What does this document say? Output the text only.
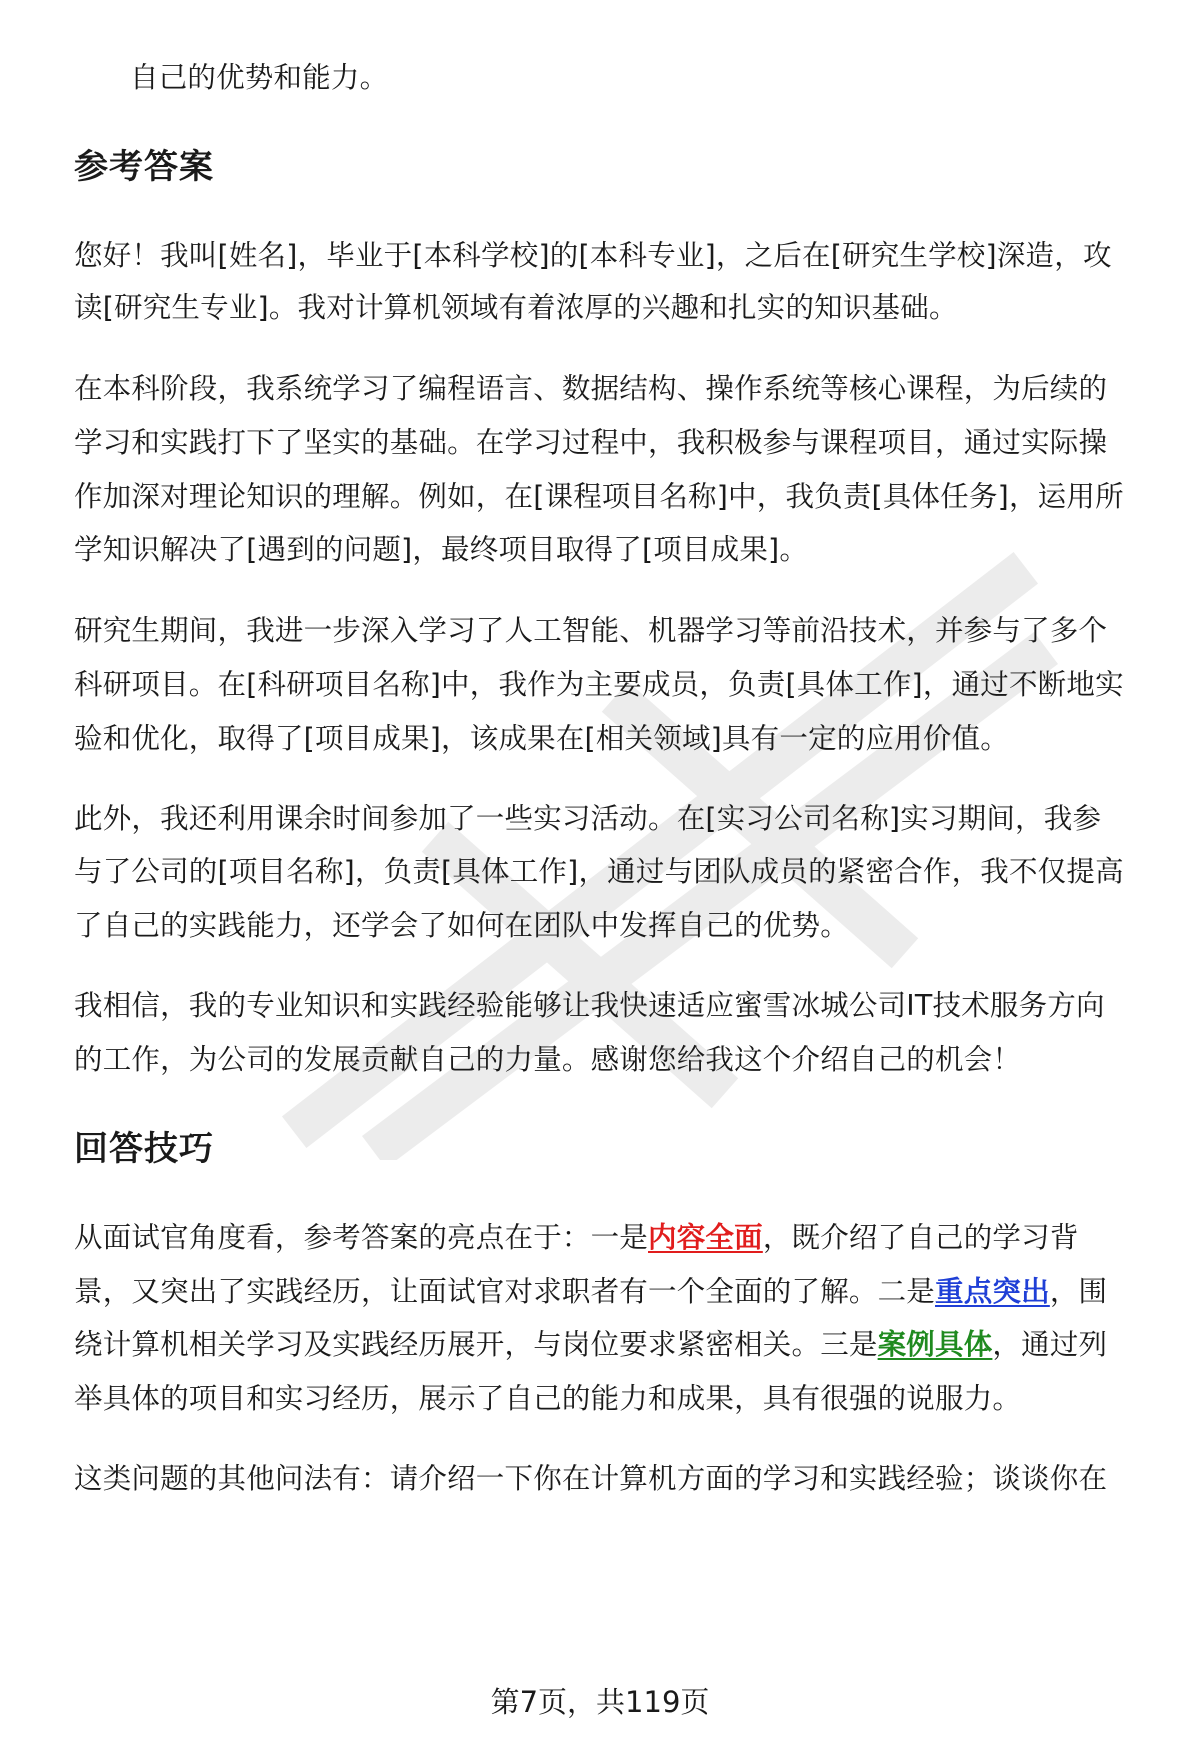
自己的优势和能力。
参考答案
您好！我叫[姓名]，毕业于[本科学校]的[本科专业]，之后在[研究生学校]深造，攻
读[研究生专业]。我对计算机领域有着浓厚的兴趣和扎实的知识基础。
在本科阶段，我系统学习了编程语言、数据结构、操作系统等核心课程，为后续的
学习和实践打下了坚实的基础。在学习过程中，我积极参与课程项目，通过实际操
作加深对理论知识的理解。例如，在[课程项目名称]中，我负责[具体任务]，运用所
学知识解决了[遇到的问题]，最终项目取得了[项目成果]。
研究生期间，我进一步深入学习了人工智能、机器学习等前沿技术，并参与了多个
科研项目。在[科研项目名称]中，我作为主要成员，负责[具体工作]，通过不断地实
验和优化，取得了[项目成果]，该成果在[相关领域]具有一定的应用价值。
此外，我还利用课余时间参加了一些实习活动。在[实习公司名称]实习期间，我参
与了公司的[项目名称]，负责[具体工作]，通过与团队成员的紧密合作，我不仅提高
了自己的实践能力，还学会了如何在团队中发挥自己的优势。
我相信，我的专业知识和实践经验能够让我快速适应蜜雪冰城公司IT技术服务方向
的工作，为公司的发展贡献自己的力量。感谢您给我这个介绍自己的机会！
回答技巧
从面试官角度看，参考答案的亮点在于：一是内容全面，既介绍了自己的学习背
景，又突出了实践经历，让面试官对求职者有一个全面的了解。二是重点突出，围
绕计算机相关学习及实践经历展开，与岗位要求紧密相关。三是案例具体，通过列
举具体的项目和实习经历，展示了自己的能力和成果，具有很强的说服力。
这类问题的其他问法有：请介绍一下你在计算机方面的学习和实践经验；谈谈你在
第7页，共119页
